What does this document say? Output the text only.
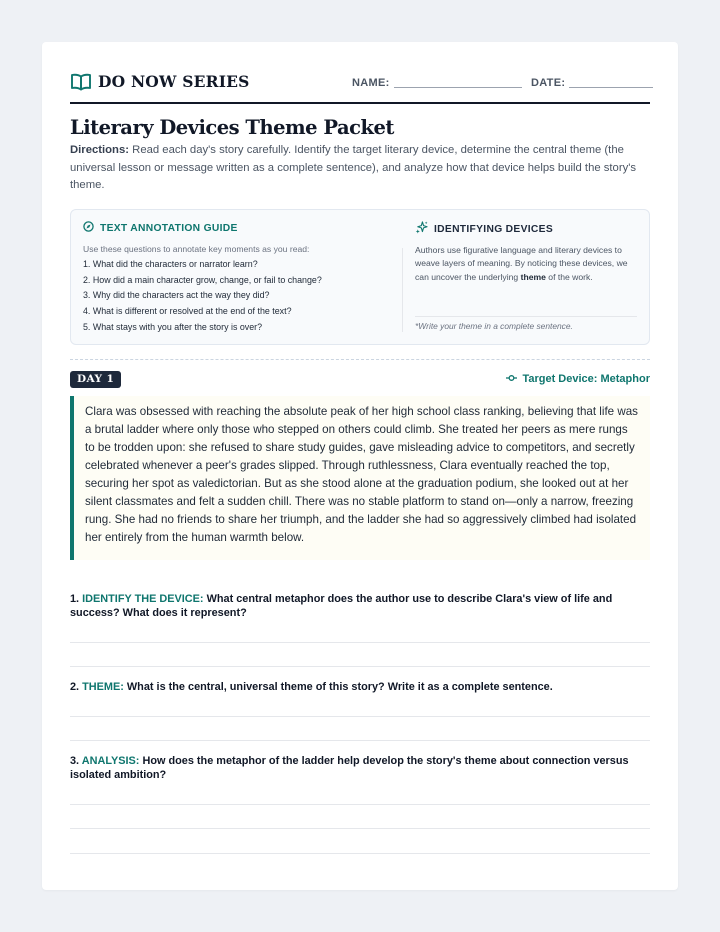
DO NOW SERIES	NAME:	DATE:
Literary Devices Theme Packet

Directions: Read each day's story carefully. Identify the target literary device, determine the central theme (the universal lesson or message written as a complete sentence), and analyze how that device helps build the story's theme.

TEXT ANNOTATION GUIDE
Use these questions to annotate key moments as you read:
1. What did the characters or narrator learn?
2. How did a main character grow, change, or fail to change?
3. Why did the characters act the way they did?
4. What is different or resolved at the end of the text?
5. What stays with you after the story is over?
IDENTIFYING DEVICES

Authors use figurative language and literary devices to weave layers of meaning. By noticing these devices, we can uncover the underlying theme of the work.

*Write your theme in a complete sentence.
DAY 1	Target Device: Metaphor

Clara was obsessed with reaching the absolute peak of her high school class ranking, believing that life was a brutal ladder where only those who stepped on others could climb. She treated her peers as mere rungs to be trodden upon: she refused to share study guides, gave misleading advice to competitors, and secretly celebrated whenever a peer's grades slipped. Through ruthlessness, Clara eventually reached the top, securing her spot as valedictorian. But as she stood alone at the graduation podium, she looked out at her silent classmates and felt a sudden chill. There was no stable platform to stand on—only a narrow, freezing rung. She had no friends to share her triumph, and the ladder she had so aggressively climbed had isolated her entirely from the human warmth below.

1. IDENTIFY THE DEVICE: What central metaphor does the author use to describe Clara's view of life and success? What does it represent?
2. THEME: What is the central, universal theme of this story? Write it as a complete sentence.
3. ANALYSIS: How does the metaphor of the ladder help develop the story's theme about connection versus isolated ambition?
